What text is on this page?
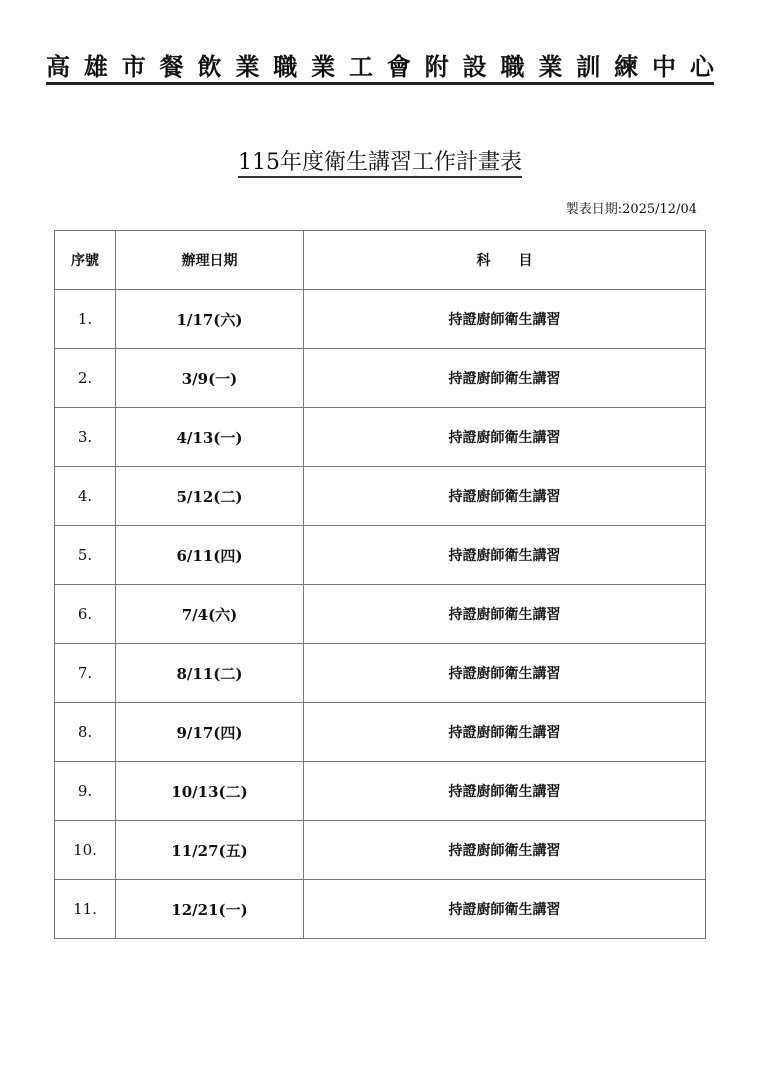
高 雄 市 餐 飲 業 職 業 工 會 附 設 職 業 訓 練 中 心
115年度衛生講習工作計畫表
製表日期:2025/12/04
序號	辦理日期	科　　目
1.	1/17(六)	持證廚師衛生講習
2.	3/9(一)	持證廚師衛生講習
3.	4/13(一)	持證廚師衛生講習
4.	5/12(二)	持證廚師衛生講習
5.	6/11(四)	持證廚師衛生講習
6.	7/4(六)	持證廚師衛生講習
7.	8/11(二)	持證廚師衛生講習
8.	9/17(四)	持證廚師衛生講習
9.	10/13(二)	持證廚師衛生講習
10.	11/27(五)	持證廚師衛生講習
11.	12/21(一)	持證廚師衛生講習
